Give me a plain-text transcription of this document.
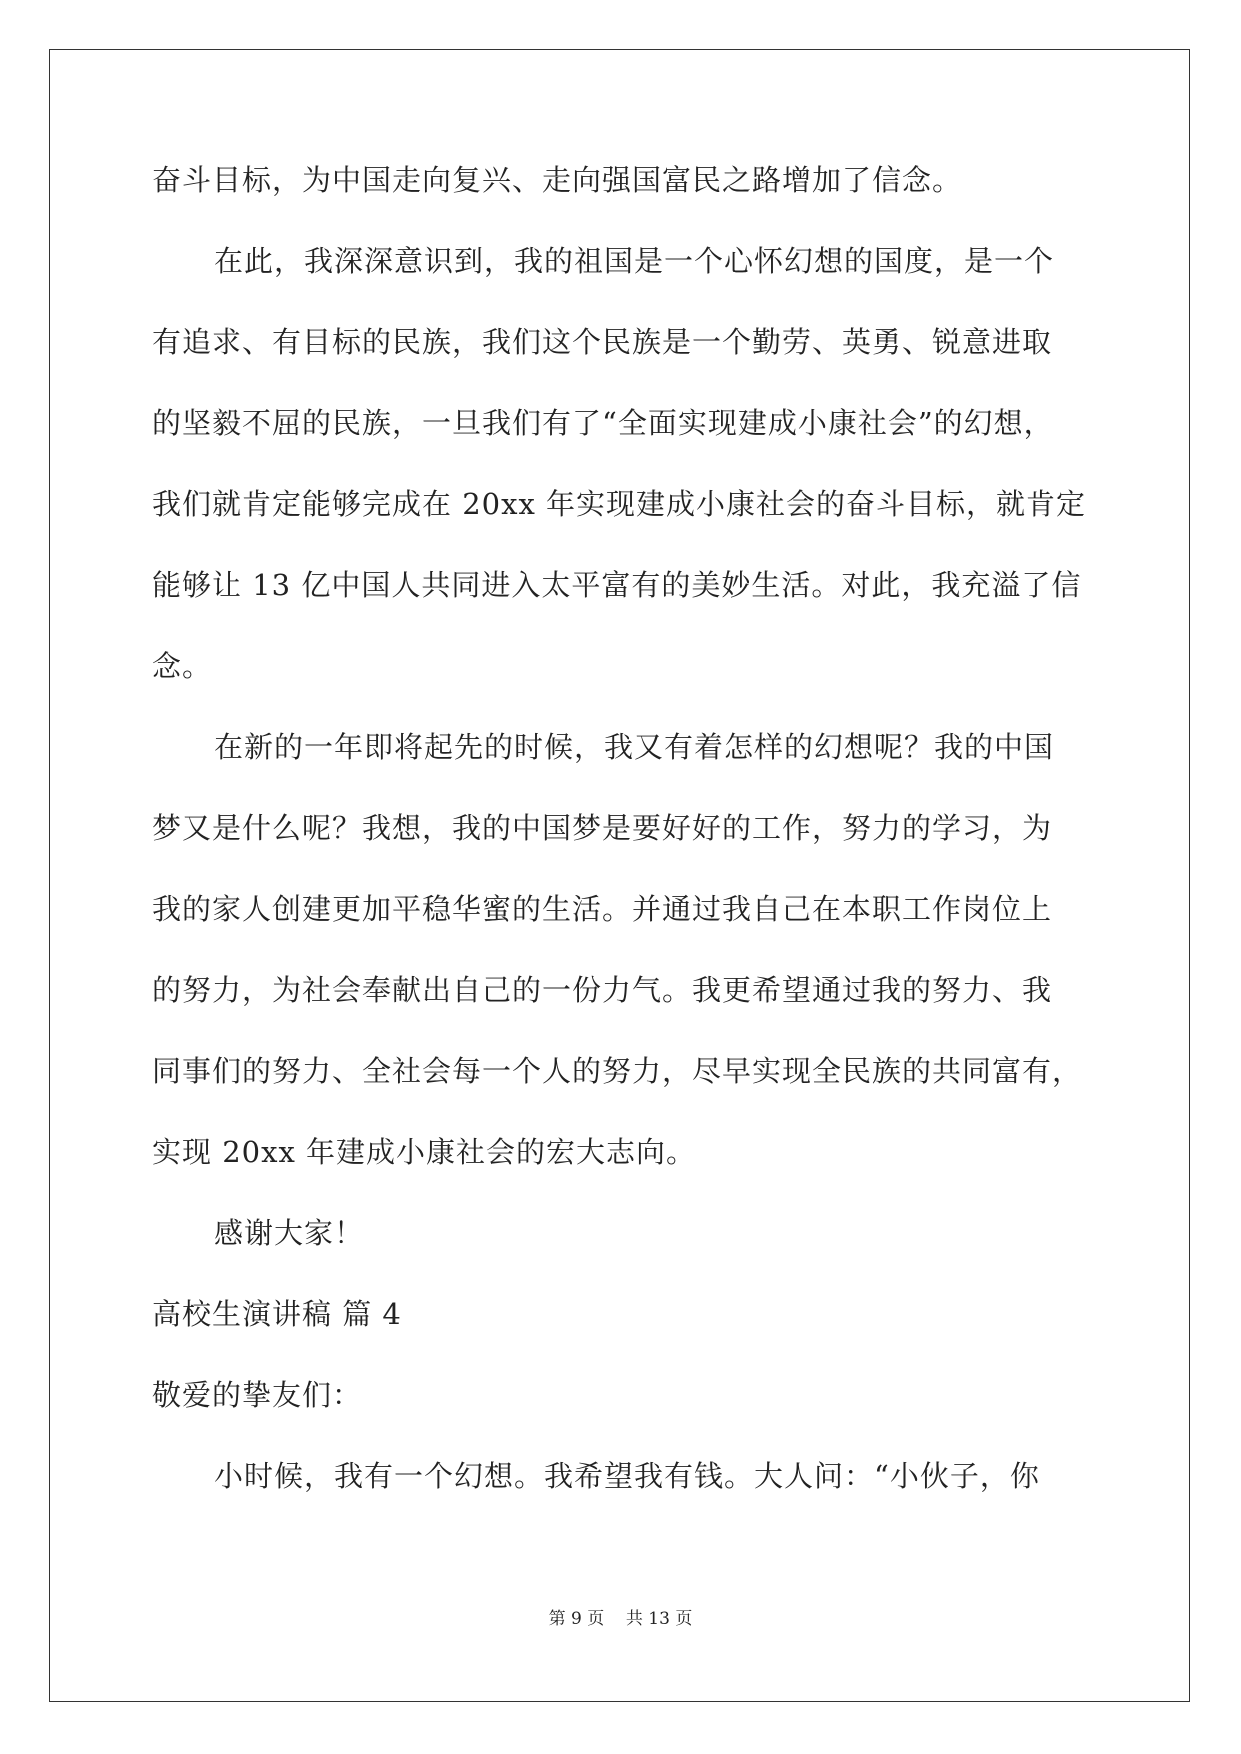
奋斗目标，为中国走向复兴、走向强国富民之路增加了信念。
在此，我深深意识到，我的祖国是一个心怀幻想的国度，是一个
有追求、有目标的民族，我们这个民族是一个勤劳、英勇、锐意进取
的坚毅不屈的民族，一旦我们有了“全面实现建成小康社会”的幻想，
我们就肯定能够完成在 20xx 年实现建成小康社会的奋斗目标，就肯定
能够让 13 亿中国人共同进入太平富有的美妙生活。对此，我充溢了信
念。
在新的一年即将起先的时候，我又有着怎样的幻想呢？我的中国
梦又是什么呢？我想，我的中国梦是要好好的工作，努力的学习，为
我的家人创建更加平稳华蜜的生活。并通过我自己在本职工作岗位上
的努力，为社会奉献出自己的一份力气。我更希望通过我的努力、我
同事们的努力、全社会每一个人的努力，尽早实现全民族的共同富有，
实现 20xx 年建成小康社会的宏大志向。
感谢大家！
高校生演讲稿 篇 4
敬爱的挚友们：
小时候，我有一个幻想。我希望我有钱。大人问：“小伙子，你
第 9 页    共 13 页
